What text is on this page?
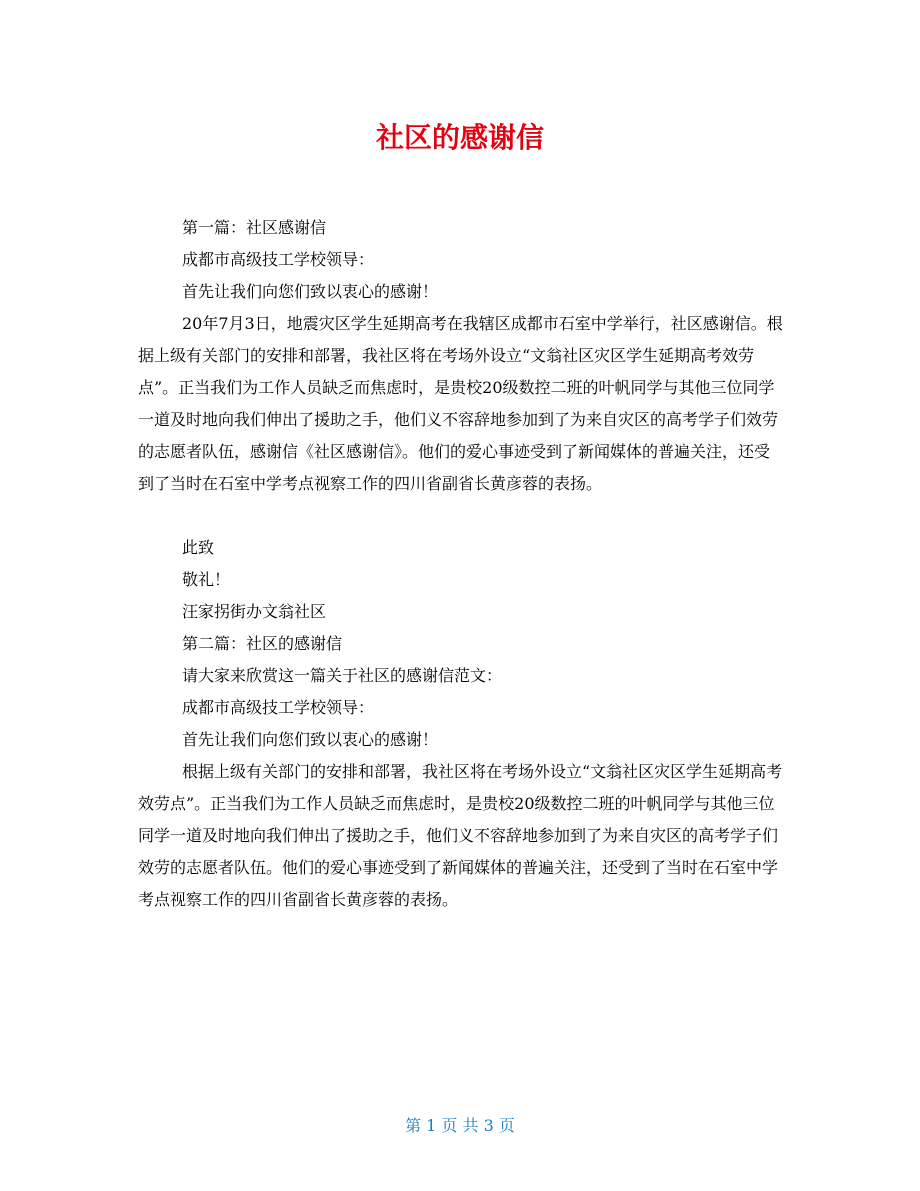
社区的感谢信

第一篇：社区感谢信

成都市高级技工学校领导：

首先让我们向您们致以衷心的感谢！

20年7月3日，地震灾区学生延期高考在我辖区成都市石室中学举行，社区感谢信。根据上级有关部门的安排和部署，我社区将在考场外设立“文翁社区灾区学生延期高考效劳点”。正当我们为工作人员缺乏而焦虑时，是贵校20级数控二班的叶帆同学与其他三位同学一道及时地向我们伸出了援助之手，他们义不容辞地参加到了为来自灾区的高考学子们效劳的志愿者队伍，感谢信《社区感谢信》。他们的爱心事迹受到了新闻媒体的普遍关注，还受到了当时在石室中学考点视察工作的四川省副省长黄彦蓉的表扬。

此致

敬礼！

汪家拐街办文翁社区

第二篇：社区的感谢信

请大家来欣赏这一篇关于社区的感谢信范文：

成都市高级技工学校领导：

首先让我们向您们致以衷心的感谢！

根据上级有关部门的安排和部署，我社区将在考场外设立“文翁社区灾区学生延期高考效劳点”。正当我们为工作人员缺乏而焦虑时，是贵校20级数控二班的叶帆同学与其他三位同学一道及时地向我们伸出了援助之手，他们义不容辞地参加到了为来自灾区的高考学子们效劳的志愿者队伍。他们的爱心事迹受到了新闻媒体的普遍关注，还受到了当时在石室中学考点视察工作的四川省副省长黄彦蓉的表扬。

第 1 页 共 3 页
